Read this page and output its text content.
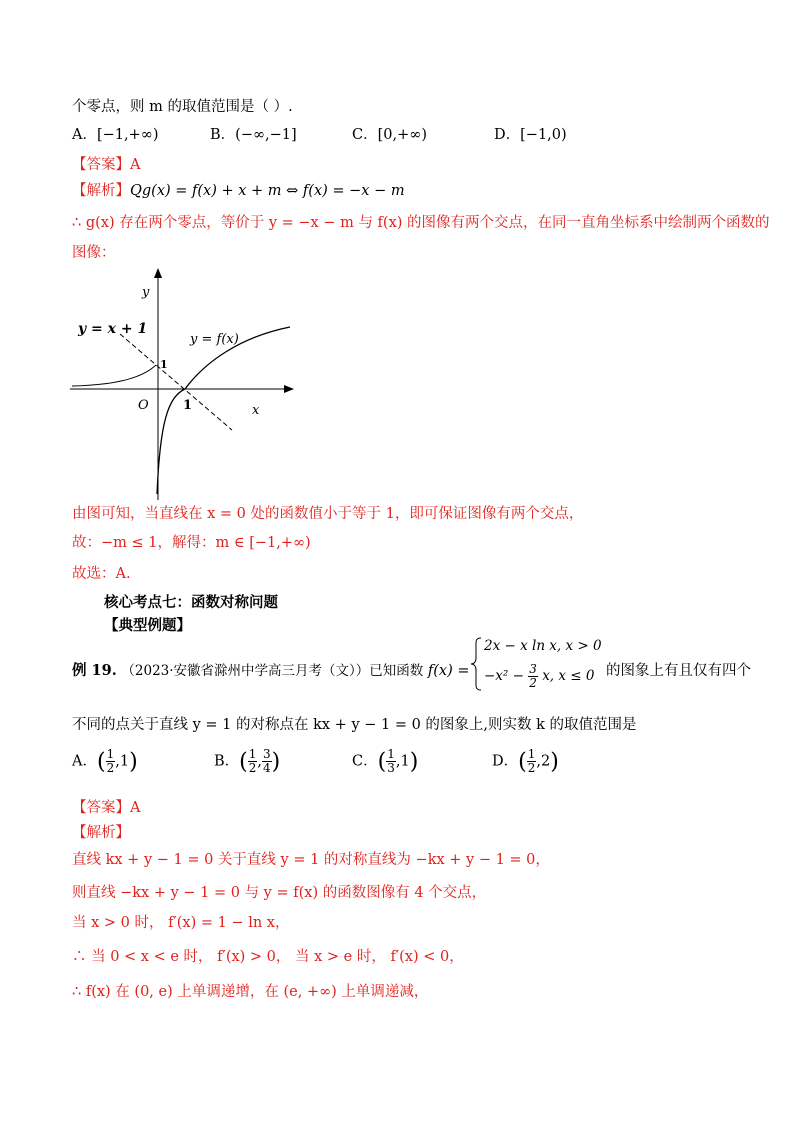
个零点，则 m 的取值范围是（ ）.
A．[−1,+∞)	B．(−∞,−1]	C．[0,+∞)	D．[−1,0)
【答案】A
【解析】Qg(x) = f(x) + x + m ⇔ f(x) = −x − m
∴ g(x) 存在两个零点，等价于 y = −x − m 与 f(x) 的图像有两个交点，在同一直角坐标系中绘制两个函数的
图像：
y
x
O
1
1
y = x + 1
y = f(x)
由图可知，当直线在 x = 0 处的函数值小于等于 1，即可保证图像有两个交点，
故：−m ≤ 1，解得：m ∈ [−1,+∞)
故选：A.
核心考点七：函数对称问题
【典型例题】
例 19. （2023·安徽省滁州中学高三月考（文））已知函数 f(x) =
2x − x ln x, x > 0
$-x^2 - \frac{3}{2} x$, x ≤ 0 的图象上有且仅有四个
不同的点关于直线 y = 1 的对称点在 kx + y − 1 = 0 的图象上,则实数 k 的取值范围是
A．( $\frac{1}{2} ,1$)	B．( $\frac{1}{2}$ , $\frac{3}{4}$ )	C．( $\frac{1}{3} ,1$)	D．( $\frac{1}{2} ,2$)
【答案】A
【解析】
直线 kx + y − 1 = 0 关于直线 y = 1 的对称直线为 −kx + y − 1 = 0，
则直线 −kx + y − 1 = 0 与 y = f(x) 的函数图像有 4 个交点，
当 x > 0 时， f′(x) = 1 − ln x，
∴ 当 0 < x < e 时， f′(x) > 0， 当 x > e 时， f′(x) < 0，
∴ f(x) 在 (0, e) 上单调递增，在 (e, +∞) 上单调递减，
